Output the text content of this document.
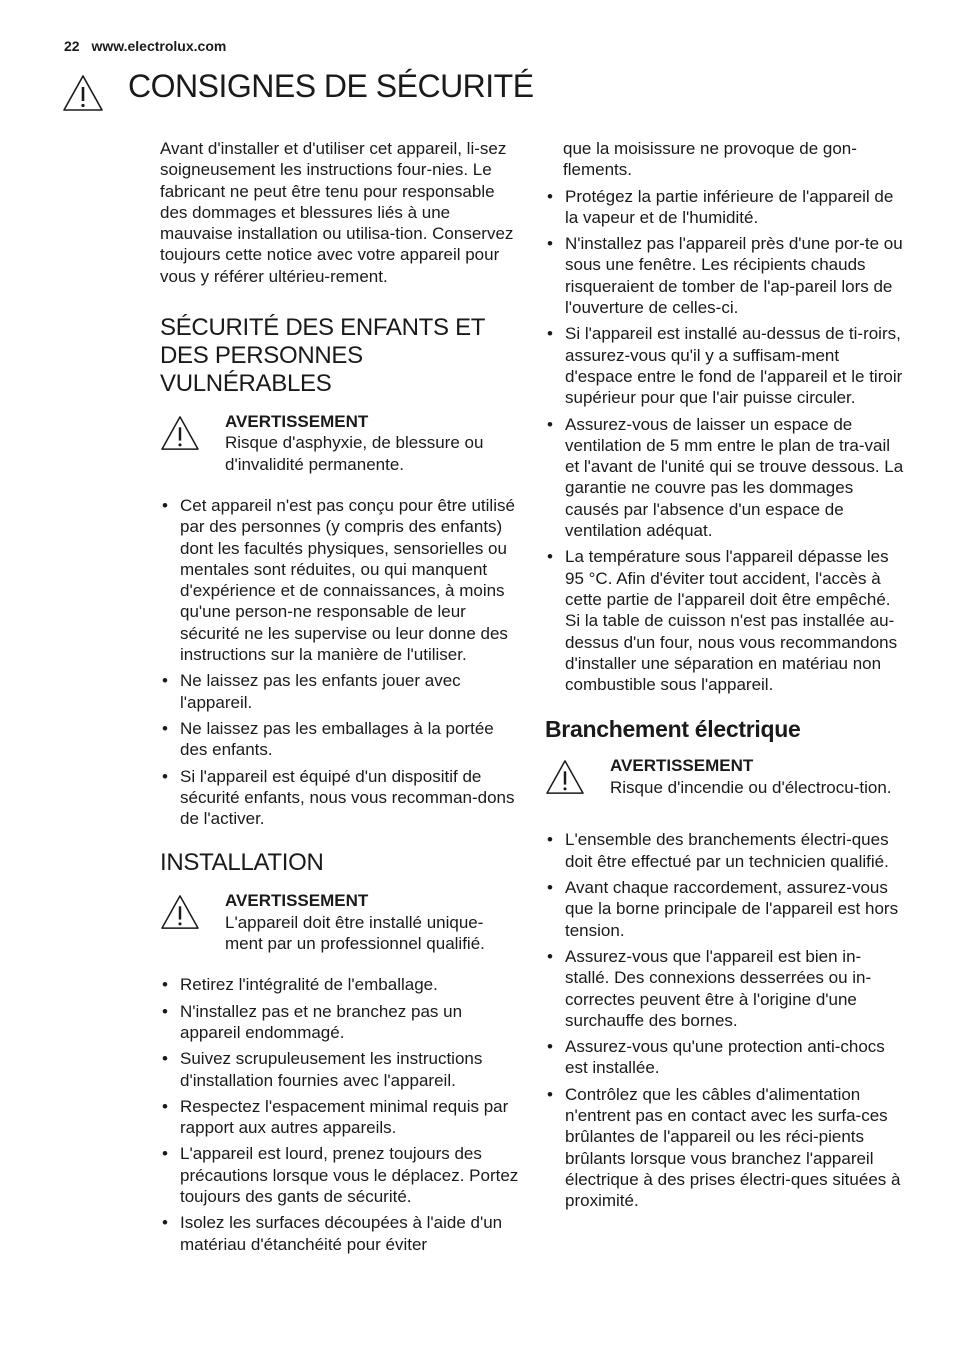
22 www.electrolux.com
CONSIGNES DE SÉCURITÉ

Avant d'installer et d'utiliser cet appareil, li-sez soigneusement les instructions four-nies. Le fabricant ne peut être tenu pour responsable des dommages et blessures liés à une mauvaise installation ou utilisa-tion. Conservez toujours cette notice avec votre appareil pour vous y référer ultérieu-rement.

SÉCURITÉ DES ENFANTS ET
DES PERSONNES
VULNÉRABLES
AVERTISSEMENT
Risque d'asphyxie, de blessure ou d'invalidité permanente.
• Cet appareil n'est pas conçu pour être utilisé par des personnes (y compris des enfants) dont les facultés physiques, sensorielles ou mentales sont réduites, ou qui manquent d'expérience et de connaissances, à moins qu'une person-ne responsable de leur sécurité ne les supervise ou leur donne des instructions sur la manière de l'utiliser.
• Ne laissez pas les enfants jouer avec l'appareil.
• Ne laissez pas les emballages à la portée des enfants.
• Si l'appareil est équipé d'un dispositif de sécurité enfants, nous vous recomman-dons de l'activer.
INSTALLATION
AVERTISSEMENT
L'appareil doit être installé unique-ment par un professionnel qualifié.
• Retirez l'intégralité de l'emballage.
• N'installez pas et ne branchez pas un appareil endommagé.
• Suivez scrupuleusement les instructions d'installation fournies avec l'appareil.
• Respectez l'espacement minimal requis par rapport aux autres appareils.
• L'appareil est lourd, prenez toujours des précautions lorsque vous le déplacez. Portez toujours des gants de sécurité.
• Isolez les surfaces découpées à l'aide d'un matériau d'étanchéité pour éviter

que la moisissure ne provoque de gon-flements.

• Protégez la partie inférieure de l'appareil de la vapeur et de l'humidité.
• N'installez pas l'appareil près d'une por-te ou sous une fenêtre. Les récipients chauds risqueraient de tomber de l'ap-pareil lors de l'ouverture de celles-ci.
• Si l'appareil est installé au-dessus de ti-roirs, assurez-vous qu'il y a suffisam-ment d'espace entre le fond de l'appareil et le tiroir supérieur pour que l'air puisse circuler.
• Assurez-vous de laisser un espace de ventilation de 5 mm entre le plan de tra-vail et l'avant de l'unité qui se trouve dessous. La garantie ne couvre pas les dommages causés par l'absence d'un espace de ventilation adéquat.
• La température sous l'appareil dépasse les 95 °C. Afin d'éviter tout accident, l'accès à cette partie de l'appareil doit être empêché. Si la table de cuisson n'est pas installée au-dessus d'un four, nous vous recommandons d'installer une séparation en matériau non combustible sous l'appareil.
Branchement électrique
AVERTISSEMENT
Risque d'incendie ou d'électrocu-tion.
• L'ensemble des branchements électri-ques doit être effectué par un technicien qualifié.
• Avant chaque raccordement, assurez-vous que la borne principale de l'appareil est hors tension.
• Assurez-vous que l'appareil est bien in-stallé. Des connexions desserrées ou in-correctes peuvent être à l'origine d'une surchauffe des bornes.
• Assurez-vous qu'une protection anti-chocs est installée.
• Contrôlez que les câbles d'alimentation n'entrent pas en contact avec les surfa-ces brûlantes de l'appareil ou les réci-pients brûlants lorsque vous branchez l'appareil électrique à des prises électri-ques situées à proximité.
